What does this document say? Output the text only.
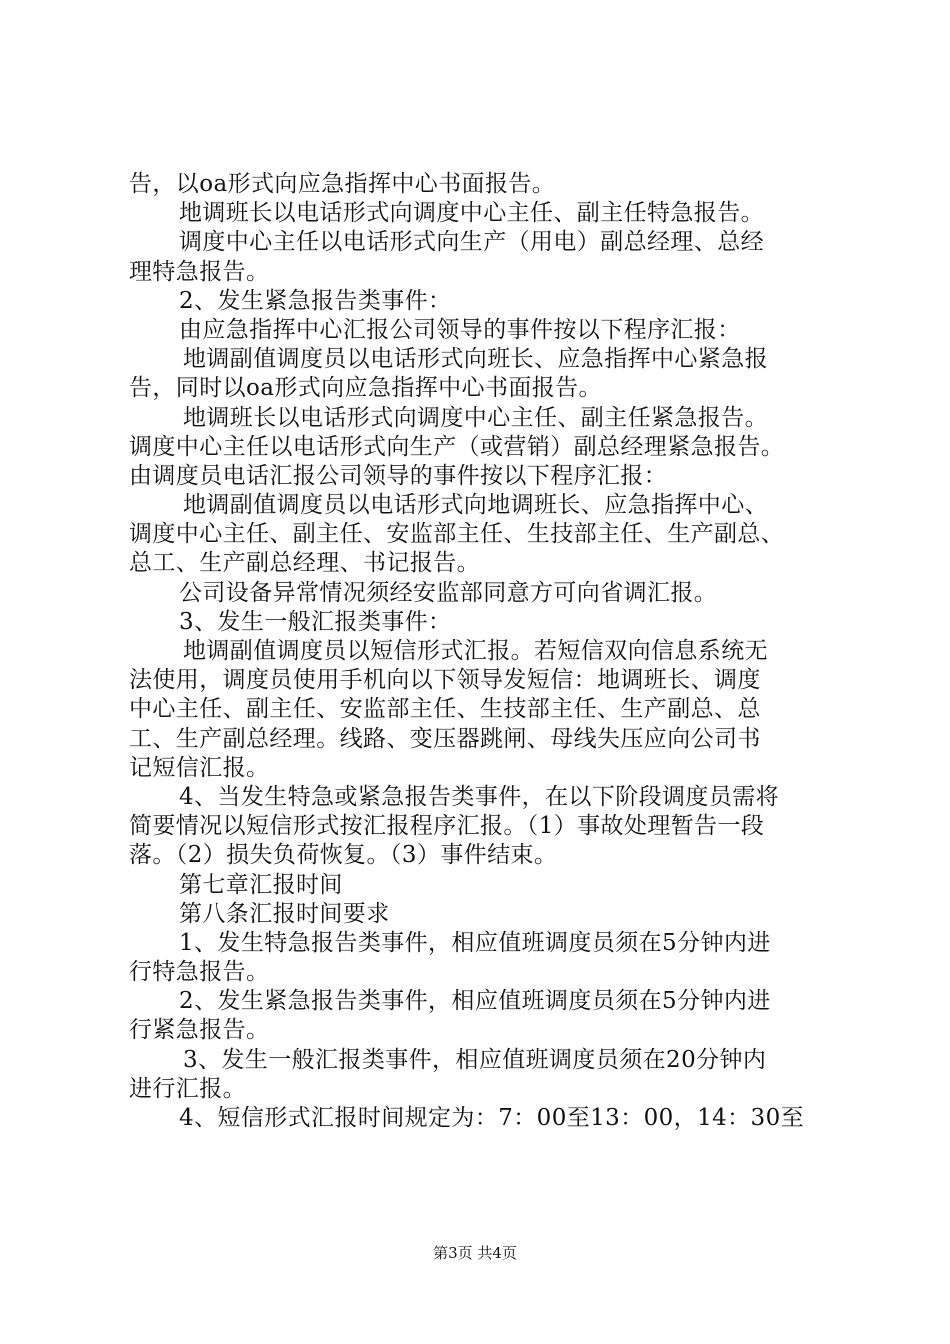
告，以oa形式向应急指挥中心书面报告。
地调班长以电话形式向调度中心主任、副主任特急报告。
调度中心主任以电话形式向生产（用电）副总经理、总经
理特急报告。
2、发生紧急报告类事件：
由应急指挥中心汇报公司领导的事件按以下程序汇报：
地调副值调度员以电话形式向班长、应急指挥中心紧急报
告，同时以oa形式向应急指挥中心书面报告。
地调班长以电话形式向调度中心主任、副主任紧急报告。
调度中心主任以电话形式向生产（或营销）副总经理紧急报告。
由调度员电话汇报公司领导的事件按以下程序汇报：
地调副值调度员以电话形式向地调班长、应急指挥中心、
调度中心主任、副主任、安监部主任、生技部主任、生产副总、
总工、生产副总经理、书记报告。
公司设备异常情况须经安监部同意方可向省调汇报。
3、发生一般汇报类事件：
地调副值调度员以短信形式汇报。若短信双向信息系统无
法使用，调度员使用手机向以下领导发短信：地调班长、调度
中心主任、副主任、安监部主任、生技部主任、生产副总、总
工、生产副总经理。线路、变压器跳闸、母线失压应向公司书
记短信汇报。
4、当发生特急或紧急报告类事件，在以下阶段调度员需将
简要情况以短信形式按汇报程序汇报。（1）事故处理暂告一段
落。（2）损失负荷恢复。（3）事件结束。
第七章汇报时间
第八条汇报时间要求
1、发生特急报告类事件，相应值班调度员须在5分钟内进
行特急报告。
2、发生紧急报告类事件，相应值班调度员须在5分钟内进
行紧急报告。
3、发生一般汇报类事件，相应值班调度员须在20分钟内
进行汇报。
4、短信形式汇报时间规定为：7：00至13：00，14：30至
第3页 共4页
